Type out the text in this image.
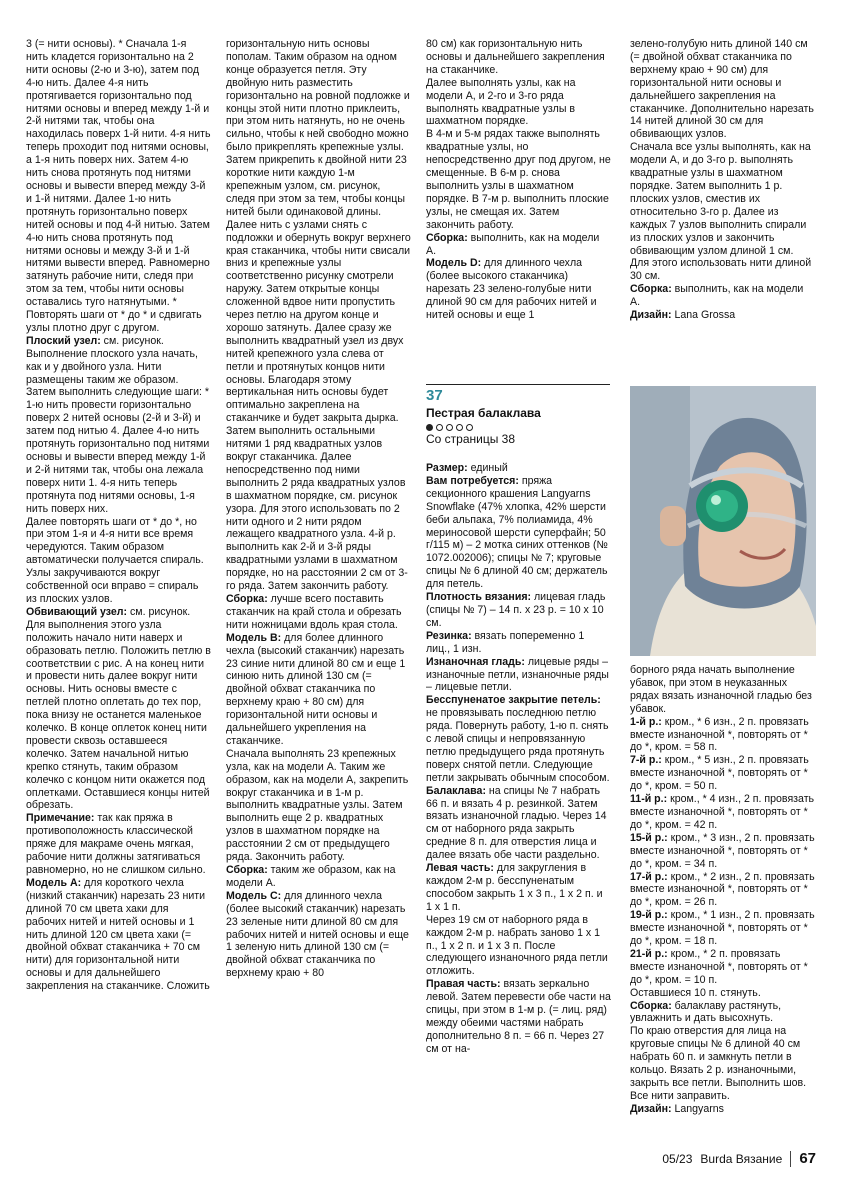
3 (= нити основы). * Сначала 1-я нить кладется горизонтально на 2 нити основы (2-ю и 3-ю), затем под 4-ю нить. Далее 4-я нить протягивается горизонтально под нитями основы и вперед между 1-й и 2-й нитями так, чтобы она находилась поверх 1-й нити. 4-я нить теперь проходит под нитями основы, а 1-я нить поверх них. Затем 4-ю нить снова протянуть под нитями основы и вывести вперед между 3-й и 1-й нитями. Далее 1-ю нить протянуть горизонтально поверх нитей основы и под 4-й нитью. Затем 4-ю нить снова протянуть под нитями основы и между 3-й и 1-й нитями вывести вперед. Равномерно затянуть рабочие нити, следя при этом за тем, чтобы нити основы оставались туго натянутыми. * Повторять шаги от * до * и сдвигать узлы плотно друг с другом.

Плоский узел: см. рисунок. Выполнение плоского узла начать, как и у двойного узла. Нити размещены таким же образом. Затем выполнить следующие шаги: * 1-ю нить провести горизонтально поверх 2 нитей основы (2-й и 3-й) и затем под нитью 4. Далее 4-ю нить протянуть горизонтально под нитями основы и вывести вперед между 1-й и 2-й нитями так, чтобы она лежала поверх нити 1. 4-я нить теперь протянута под нитями основы, 1-я нить поверх них.

Далее повторять шаги от * до *, но при этом 1-я и 4-я нити все время чередуются. Таким образом автоматически получается спираль. Узлы закручиваются вокруг собственной оси вправо = спираль из плоских узлов.

Обвивающий узел: см. рисунок. Для выполнения этого узла положить начало нити наверх и образовать петлю. Положить петлю в соответствии с рис. А на конец нити и провести нить далее вокруг нити основы. Нить основы вместе с петлей плотно оплетать до тех пор, пока внизу не останется маленькое колечко. В конце оплеток конец нити провести сквозь оставшееся колечко. Затем начальной нитью крепко стянуть, таким образом колечко с концом нити окажется под оплетками. Оставшиеся концы нитей обрезать.

Примечание: так как пряжа в противоположность классической пряже для макраме очень мягкая, рабочие нити должны затягиваться равномерно, но не слишком сильно.

Модель А: для короткого чехла (низкий стаканчик) нарезать 23 нити длиной 70 см цвета хаки для рабочих нитей и нитей основы и 1 нить длиной 120 см цвета хаки (= двойной обхват стаканчика + 70 см нити) для горизонтальной нити основы и для дальнейшего закрепления на стаканчике. Сложить

горизонтальную нить основы пополам. Таким образом на одном конце образуется петля. Эту двойную нить разместить горизонтально на ровной подложке и концы этой нити плотно приклеить, при этом нить натянуть, но не очень сильно, чтобы к ней свободно можно было прикреплять крепежные узлы. Затем прикрепить к двойной нити 23 короткие нити каждую 1-м крепежным узлом, см. рисунок, следя при этом за тем, чтобы концы нитей были одинаковой длины. Далее нить с узлами снять с подложки и обернуть вокруг верхнего края стаканчика, чтобы нити свисали вниз и крепежные узлы соответственно рисунку смотрели наружу. Затем открытые концы сложенной вдвое нити пропустить через петлю на другом конце и хорошо затянуть. Далее сразу же выполнить квадратный узел из двух нитей крепежного узла слева от петли и протянутых концов нити основы. Благодаря этому вертикальная нить основы будет оптимально закреплена на стаканчике и будет закрыта дырка. Затем выполнить остальными нитями 1 ряд квадратных узлов вокруг стаканчика. Далее непосредственно под ними выполнить 2 ряда квадратных узлов в шахматном порядке, см. рисунок узора. Для этого использовать по 2 нити одного и 2 нити рядом лежащего квадратного узла. 4-й р. выполнить как 2-й и 3-й ряды квадратными узлами в шахматном порядке, но на расстоянии 2 см от 3-го ряда. Затем закончить работу.

Сборка: лучше всего поставить стаканчик на край стола и обрезать нити ножницами вдоль края стола.

Модель В: для более длинного чехла (высокий стаканчик) нарезать 23 синие нити длиной 80 см и еще 1 синюю нить длиной 130 см (= двойной обхват стаканчика по верхнему краю + 80 см) для горизонтальной нити основы и дальнейшего укрепления на стаканчике.

Сначала выполнять 23 крепежных узла, как на модели А. Таким же образом, как на модели А, закрепить вокруг стаканчика и в 1-м р. выполнить квадратные узлы. Затем выполнить еще 2 р. квадратных узлов в шахматном порядке на расстоянии 2 см от предыдущего ряда. Закончить работу.

Сборка: таким же образом, как на модели А.

Модель С: для длинного чехла (более высокий стаканчик) нарезать 23 зеленые нити длиной 80 см для рабочих нитей и нитей основы и еще 1 зеленую нить длиной 130 см (= двойной обхват стаканчика по верхнему краю + 80

80 см) как горизонтальную нить основы и дальнейшего закрепления на стаканчике.

Далее выполнять узлы, как на модели А, и 2-го и 3-го ряда выполнять квадратные узлы в шахматном порядке.

В 4-м и 5-м рядах также выполнять квадратные узлы, но непосредственно друг под другом, не смещенные. В 6-м р. снова выполнить узлы в шахматном порядке. В 7-м р. выполнить плоские узлы, не смещая их. Затем закончить работу.

Сборка: выполнить, как на модели А.

Модель D: для длинного чехла (более высокого стаканчика) нарезать 23 зелено-голубые нити длиной 90 см для рабочих нитей и нитей основы и еще 1

зелено-голубую нить длиной 140 см (= двойной обхват стаканчика по верхнему краю + 90 см) для горизонтальной нити основы и дальнейшего закрепления на стаканчике. Дополнительно нарезать 14 нитей длиной 30 см для обвивающих узлов.

Сначала все узлы выполнять, как на модели А, и до 3-го р. выполнять квадратные узлы в шахматном порядке. Затем выполнить 1 р. плоских узлов, сместив их относительно 3-го р. Далее из каждых 7 узлов выполнить спирали из плоских узлов и закончить обвивающим узлом длиной 1 см. Для этого использовать нити длиной 30 см.

Сборка: выполнить, как на модели А.

Дизайн: Lana Grossa

37
Пестрая балаклава
Со страницы 38

Размер: единый

Вам потребуется: пряжа секционного крашения Langyarns Snowflake (47% хлопка, 42% шерсти беби альпака, 7% полиамида, 4% мериносовой шерсти суперфайн; 50 г/115 м) – 2 мотка синих оттенков (№ 1072.002006); спицы № 7; круговые спицы № 6 длиной 40 см; держатель для петель.

Плотность вязания: лицевая гладь (спицы № 7) – 14 п. x 23 р. = 10 x 10 см.

Резинка: вязать попеременно 1 лиц., 1 изн.

Изнаночная гладь: лицевые ряды – изнаночные петли, изнаночные ряды – лицевые петли.

Бесспуненатое закрытие петель: не провязывать последнюю петлю ряда. Повернуть работу, 1-ю п. снять с левой спицы и непровязанную петлю предыдущего ряда протянуть поверх снятой петли. Следующие петли закрывать обычным способом.

Балаклава: на спицы № 7 набрать 66 п. и вязать 4 р. резинкой. Затем вязать изнаночной гладью. Через 14 см от наборного ряда закрыть средние 8 п. для отверстия лица и далее вязать обе части раздельно.

Левая часть: для закругления в каждом 2-м р. бесспуненатым способом закрыть 1 x 3 п., 1 x 2 п. и 1 x 1 п.

Через 19 см от наборного ряда в каждом 2-м р. набрать заново 1 x 1 п., 1 x 2 п. и 1 x 3 п. После следующего изнаночного ряда петли отложить.

Правая часть: вязать зеркально левой. Затем перевести обе части на спицы, при этом в 1-м р. (= лиц. ряд) между обеими частями набрать дополнительно 8 п. = 66 п. Через 27 см от на-

борного ряда начать выполнение убавок, при этом в неуказанных рядах вязать изнаночной гладью без убавок.

1-й р.: кром., * 6 изн., 2 п. провязать вместе изнаночной *, повторять от * до *, кром. = 58 п.

7-й р.: кром., * 5 изн., 2 п. провязать вместе изнаночной *, повторять от * до *, кром. = 50 п.

11-й р.: кром., * 4 изн., 2 п. провязать вместе изнаночной *, повторять от * до *, кром. = 42 п.

15-й р.: кром., * 3 изн., 2 п. провязать вместе изнаночной *, повторять от * до *, кром. = 34 п.

17-й р.: кром., * 2 изн., 2 п. провязать вместе изнаночной *, повторять от * до *, кром. = 26 п.

19-й р.: кром., * 1 изн., 2 п. провязать вместе изнаночной *, повторять от * до *, кром. = 18 п.

21-й р.: кром., * 2 п. провязать вместе изнаночной *, повторять от * до *, кром. = 10 п.

Оставшиеся 10 п. стянуть.

Сборка: балаклаву растянуть, увлажнить и дать высохнуть.

По краю отверстия для лица на круговые спицы № 6 длиной 40 см набрать 60 п. и замкнуть петли в кольцо. Вязать 2 р. изнаночными, закрыть все петли. Выполнить шов. Все нити заправить.

Дизайн: Langyarns

05/23 Burda Вязание 67
